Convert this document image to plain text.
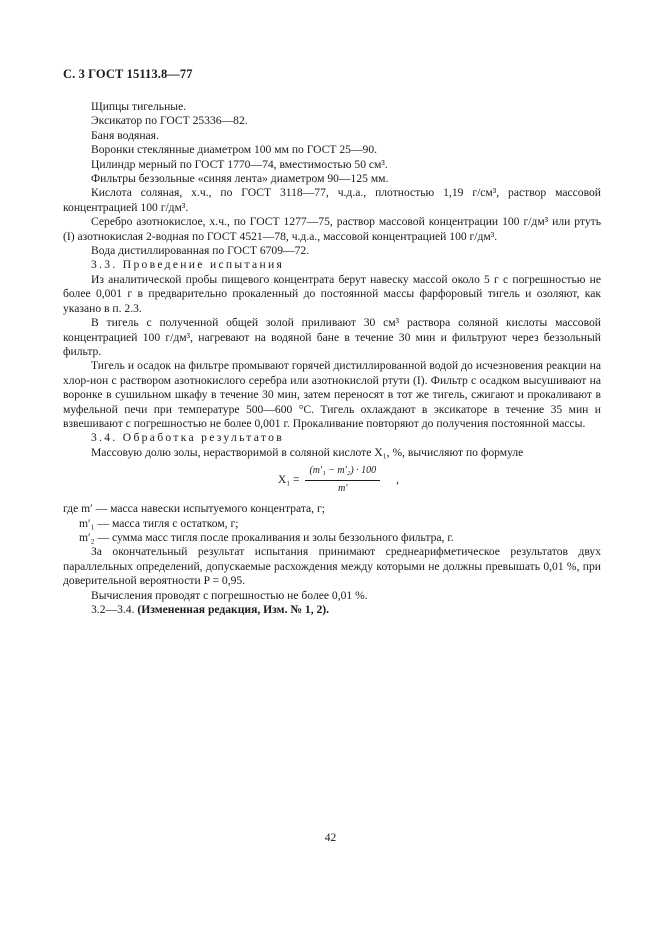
С. 3 ГОСТ 15113.8—77

Щипцы тигельные.

Эксикатор по ГОСТ 25336—82.

Баня водяная.

Воронки стеклянные диаметром 100 мм по ГОСТ 25—90.

Цилиндр мерный по ГОСТ 1770—74, вместимостью 50 см³.

Фильтры беззольные «синяя лента» диаметром 90—125 мм.

Кислота соляная, х.ч., по ГОСТ 3118—77, ч.д.а., плотностью 1,19 г/см³, раствор массовой концентрацией 100 г/дм³.

Серебро азотнокислое, х.ч., по ГОСТ 1277—75, раствор массовой концентрации 100 г/дм³ или ртуть (I) азотнокислая 2-водная по ГОСТ 4521—78, ч.д.а., массовой концентрацией 100 г/дм³.

Вода дистиллированная по ГОСТ 6709—72.

3.3. Проведение испытания

Из аналитической пробы пищевого концентрата берут навеску массой около 5 г с погрешностью не более 0,001 г в предварительно прокаленный до постоянной массы фарфоровый тигель и озоляют, как указано в п. 2.3.

В тигель с полученной общей золой приливают 30 см³ раствора соляной кислоты массовой концентрацией 100 г/дм³, нагревают на водяной бане в течение 30 мин и фильтруют через беззольный фильтр.

Тигель и осадок на фильтре промывают горячей дистиллированной водой до исчезновения реакции на хлор-ион с раствором азотнокислого серебра или азотнокислой ртути (I). Фильтр с осадком высушивают на воронке в сушильном шкафу в течение 30 мин, затем переносят в тот же тигель, сжигают и прокаливают в муфельной печи при температуре 500—600 °С. Тигель охлаждают в эксикаторе в течение 35 мин и взвешивают с погрешностью не более 0,001 г. Прокаливание повторяют до получения постоянной массы.

3.4. Обработка результатов

Массовую долю золы, нерастворимой в соляной кислоте X₁, %, вычисляют по формуле

$X_1 = \frac{\text{(m′₁ − m′₂) · 100}}{m'}$ ,

где m′ — масса навески испытуемого концентрата, г;

m′₁ — масса тигля с остатком, г;

m′₂ — сумма масс тигля после прокаливания и золы беззольного фильтра, г.

За окончательный результат испытания принимают среднеарифметическое результатов двух параллельных определений, допускаемые расхождения между которыми не должны превышать 0,01 %, при доверительной вероятности P = 0,95.

Вычисления проводят с погрешностью не более 0,01 %.

3.2—3.4. (Измененная редакция, Изм. № 1, 2).

42
